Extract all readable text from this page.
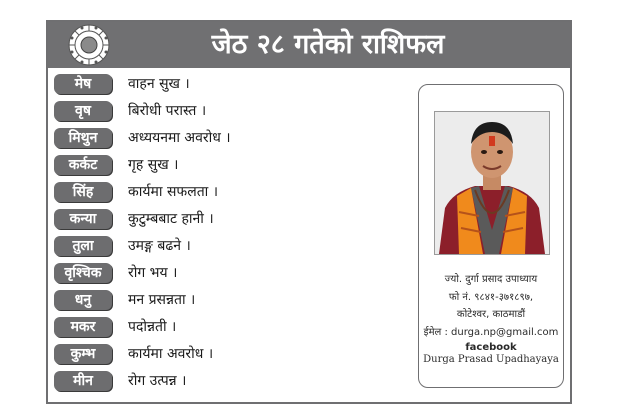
जेठ २८ गतेको राशिफल
मेष	वाहन सुख ।
वृष	बिरोधी परास्त ।
मिथुन	अध्ययनमा अवरोध ।
कर्कट	गृह सुख ।
सिंह	कार्यमा सफलता ।
कन्या	कुटुम्बबाट हानी ।
तुला	उमङ्ग बढने ।
वृश्चिक	रोग भय ।
धनु	मन प्रसन्नता ।
मकर	पदोन्नती ।
कुम्भ	कार्यमा अवरोध ।
मीन	रोग उत्पन्न ।
ज्यो. दुर्गा प्रसाद उपाध्याय
फो नं. ९८४१-३७१८९७,
कोटेश्वर, काठमाडौं
ईमेल : durga.np@gmail.com
facebook
Durga Prasad Upadhayaya
